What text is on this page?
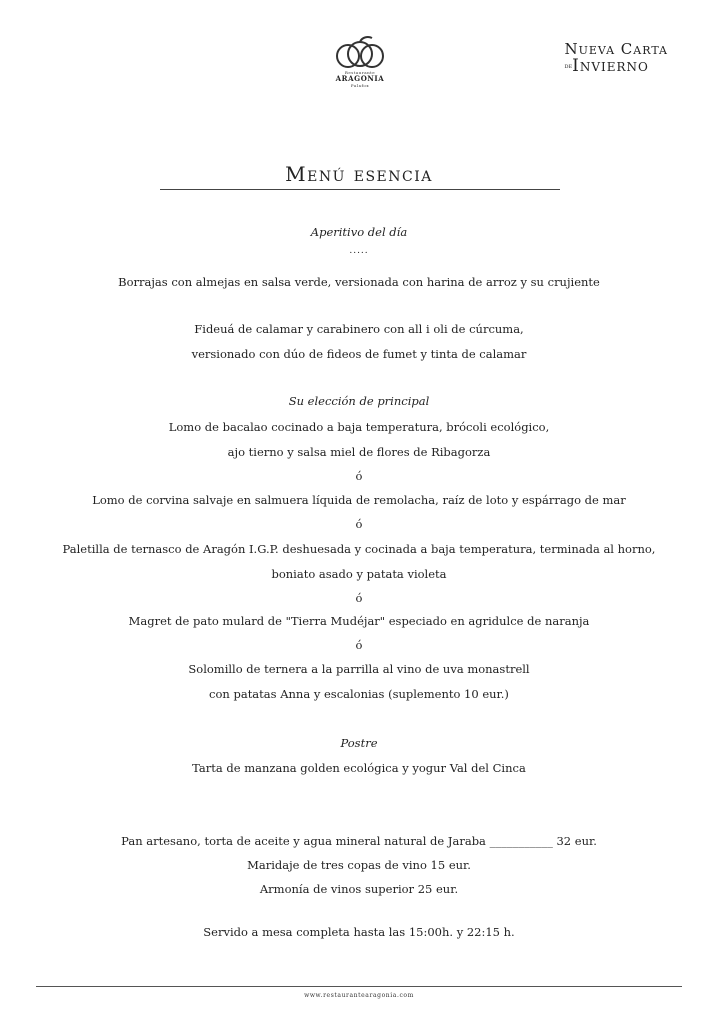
Restaurante
ARAGONIA
Palafox
Nueva Carta
$^{de}$Invierno
Menú esencia
Aperitivo del día
.....
Borrajas con almejas en salsa verde, versionada con harina de arroz y su crujiente
Fideuá de calamar y carabinero con all i oli de cúrcuma,
versionado con dúo de fideos de fumet y tinta de calamar
Su elección de principal
Lomo de bacalao cocinado a baja temperatura, brócoli ecológico,
ajo tierno y salsa miel de flores de Ribagorza
ó
Lomo de corvina salvaje en salmuera líquida de remolacha, raíz de loto y espárrago de mar
ó
Paletilla de ternasco de Aragón I.G.P. deshuesada y cocinada a baja temperatura, terminada al horno,
boniato asado y patata violeta
ó
Magret de pato mulard de "Tierra Mudéjar" especiado en agridulce de naranja
ó
Solomillo de ternera a la parrilla al vino de uva monastrell
con patatas Anna y escalonias (suplemento 10 eur.)
Postre
Tarta de manzana golden ecológica y yogur Val del Cinca
Pan artesano, torta de aceite y agua mineral natural de Jaraba ___________ 32 eur.
Maridaje de tres copas de vino 15 eur.
Armonía de vinos superior 25 eur.
Servido a mesa completa hasta las 15:00h. y 22:15 h.
www.restaurantearagonia.com
